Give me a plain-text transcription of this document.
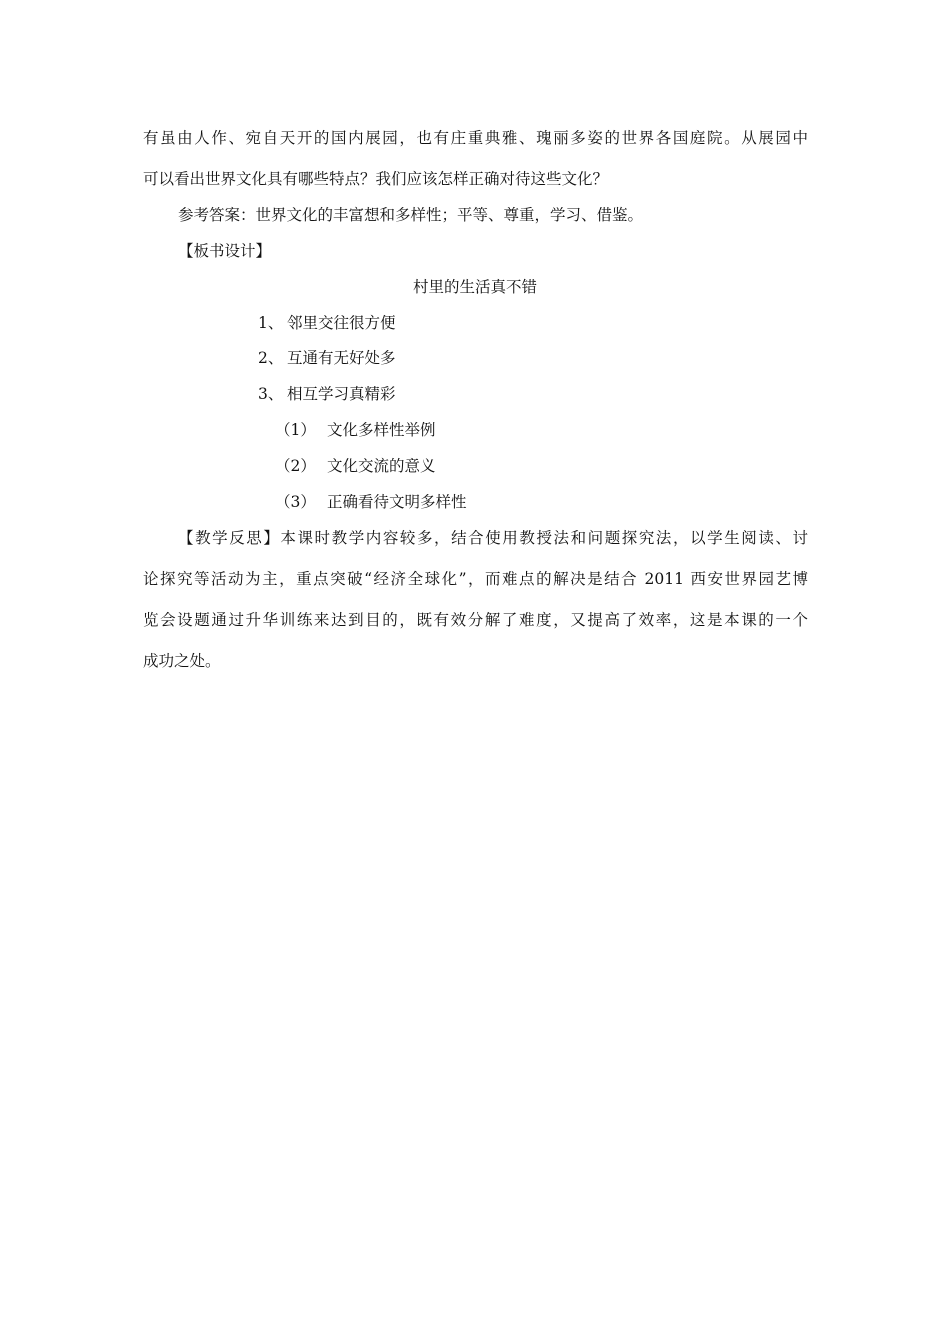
有虽由人作、宛自天开的国内展园，也有庄重典雅、瑰丽多姿的世界各国庭院。从展园中
可以看出世界文化具有哪些特点？我们应该怎样正确对待这些文化？
参考答案：世界文化的丰富想和多样性；平等、尊重，学习、借鉴。
【板书设计】
村里的生活真不错
1、 邻里交往很方便
2、 互通有无好处多
3、 相互学习真精彩
（1） 文化多样性举例
（2） 文化交流的意义
（3） 正确看待文明多样性
【教学反思】本课时教学内容较多，结合使用教授法和问题探究法，以学生阅读、讨
论探究等活动为主，重点突破“经济全球化”，而难点的解决是结合 2011 西安世界园艺博
览会设题通过升华训练来达到目的，既有效分解了难度，又提高了效率，这是本课的一个
成功之处。
